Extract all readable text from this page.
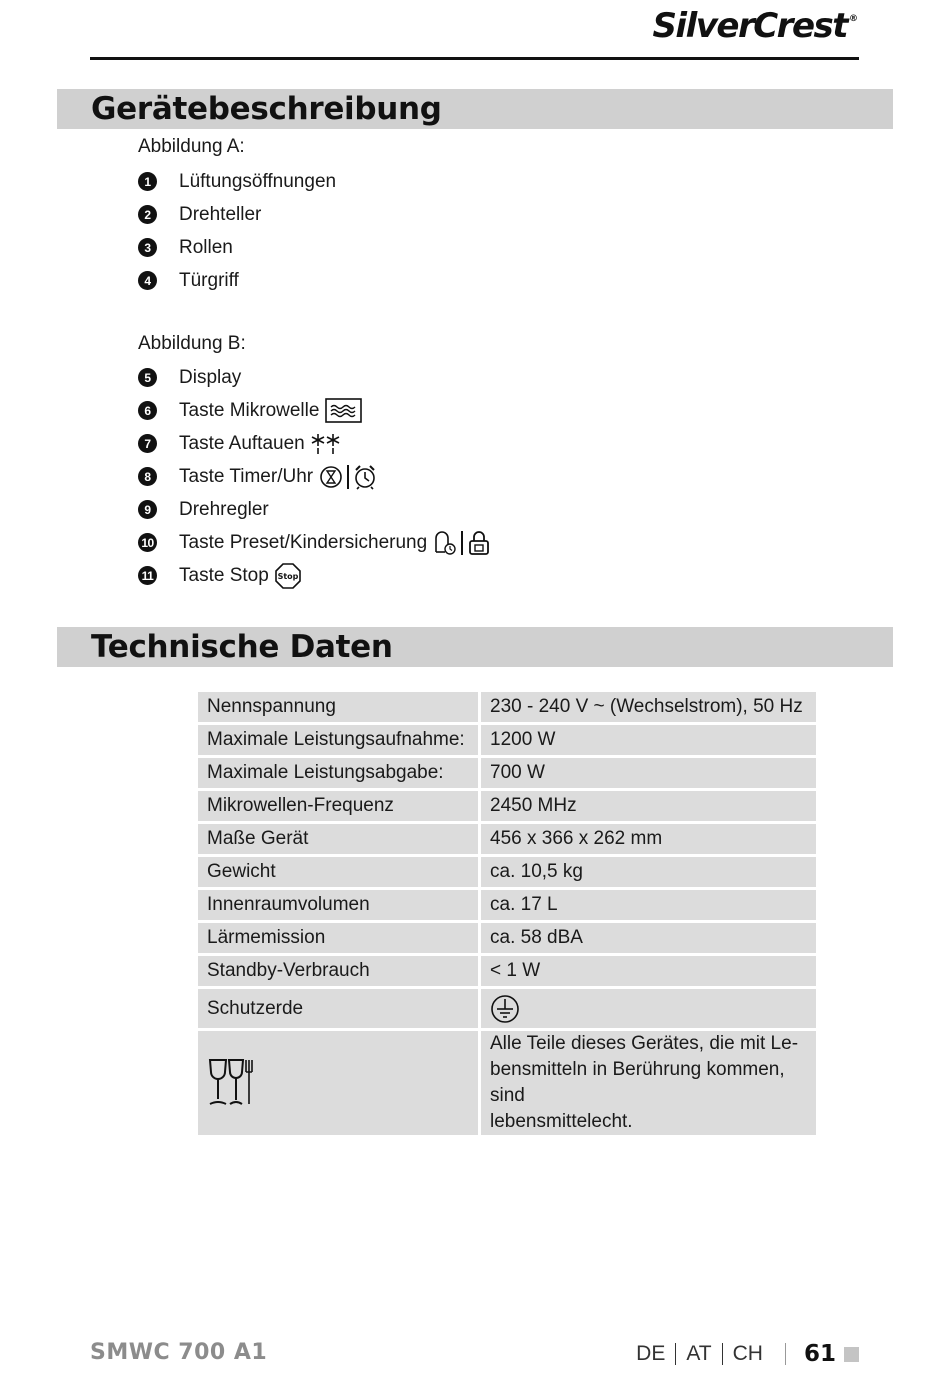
SilverCrest ®
Gerätebeschreibung
Abbildung A:
1	Lüftungsöffnungen
2	Drehteller
3	Rollen
4	Türgriff
Abbildung B:
5	Display
6	Taste Mikrowelle
7	Taste Auftauen
8	Taste Timer/Uhr
9	Drehregler
10 Taste Preset/Kindersicherung
11 Taste Stop Stop
Technische Daten
Nennspannung	230 - 240 V ~ (Wechselstrom), 50 Hz
Maximale Leistungsaufnahme:	1200 W
Maximale Leistungsabgabe:	700 W
Mikrowellen-Frequenz	2450 MHz
Maße Gerät	456 x 366 x 262 mm
Gewicht	ca. 10,5 kg
Innenraumvolumen	ca. 17 L
Lärmemission	ca. 58 dBA
Standby-Verbrauch	< 1 W
Schutzerde	

Alle Teile dieses Gerätes, die mit Le-
bensmitteln in Berührung kommen, sind
lebensmittelecht.
SMWC 700 A1	DE AT CH 61
